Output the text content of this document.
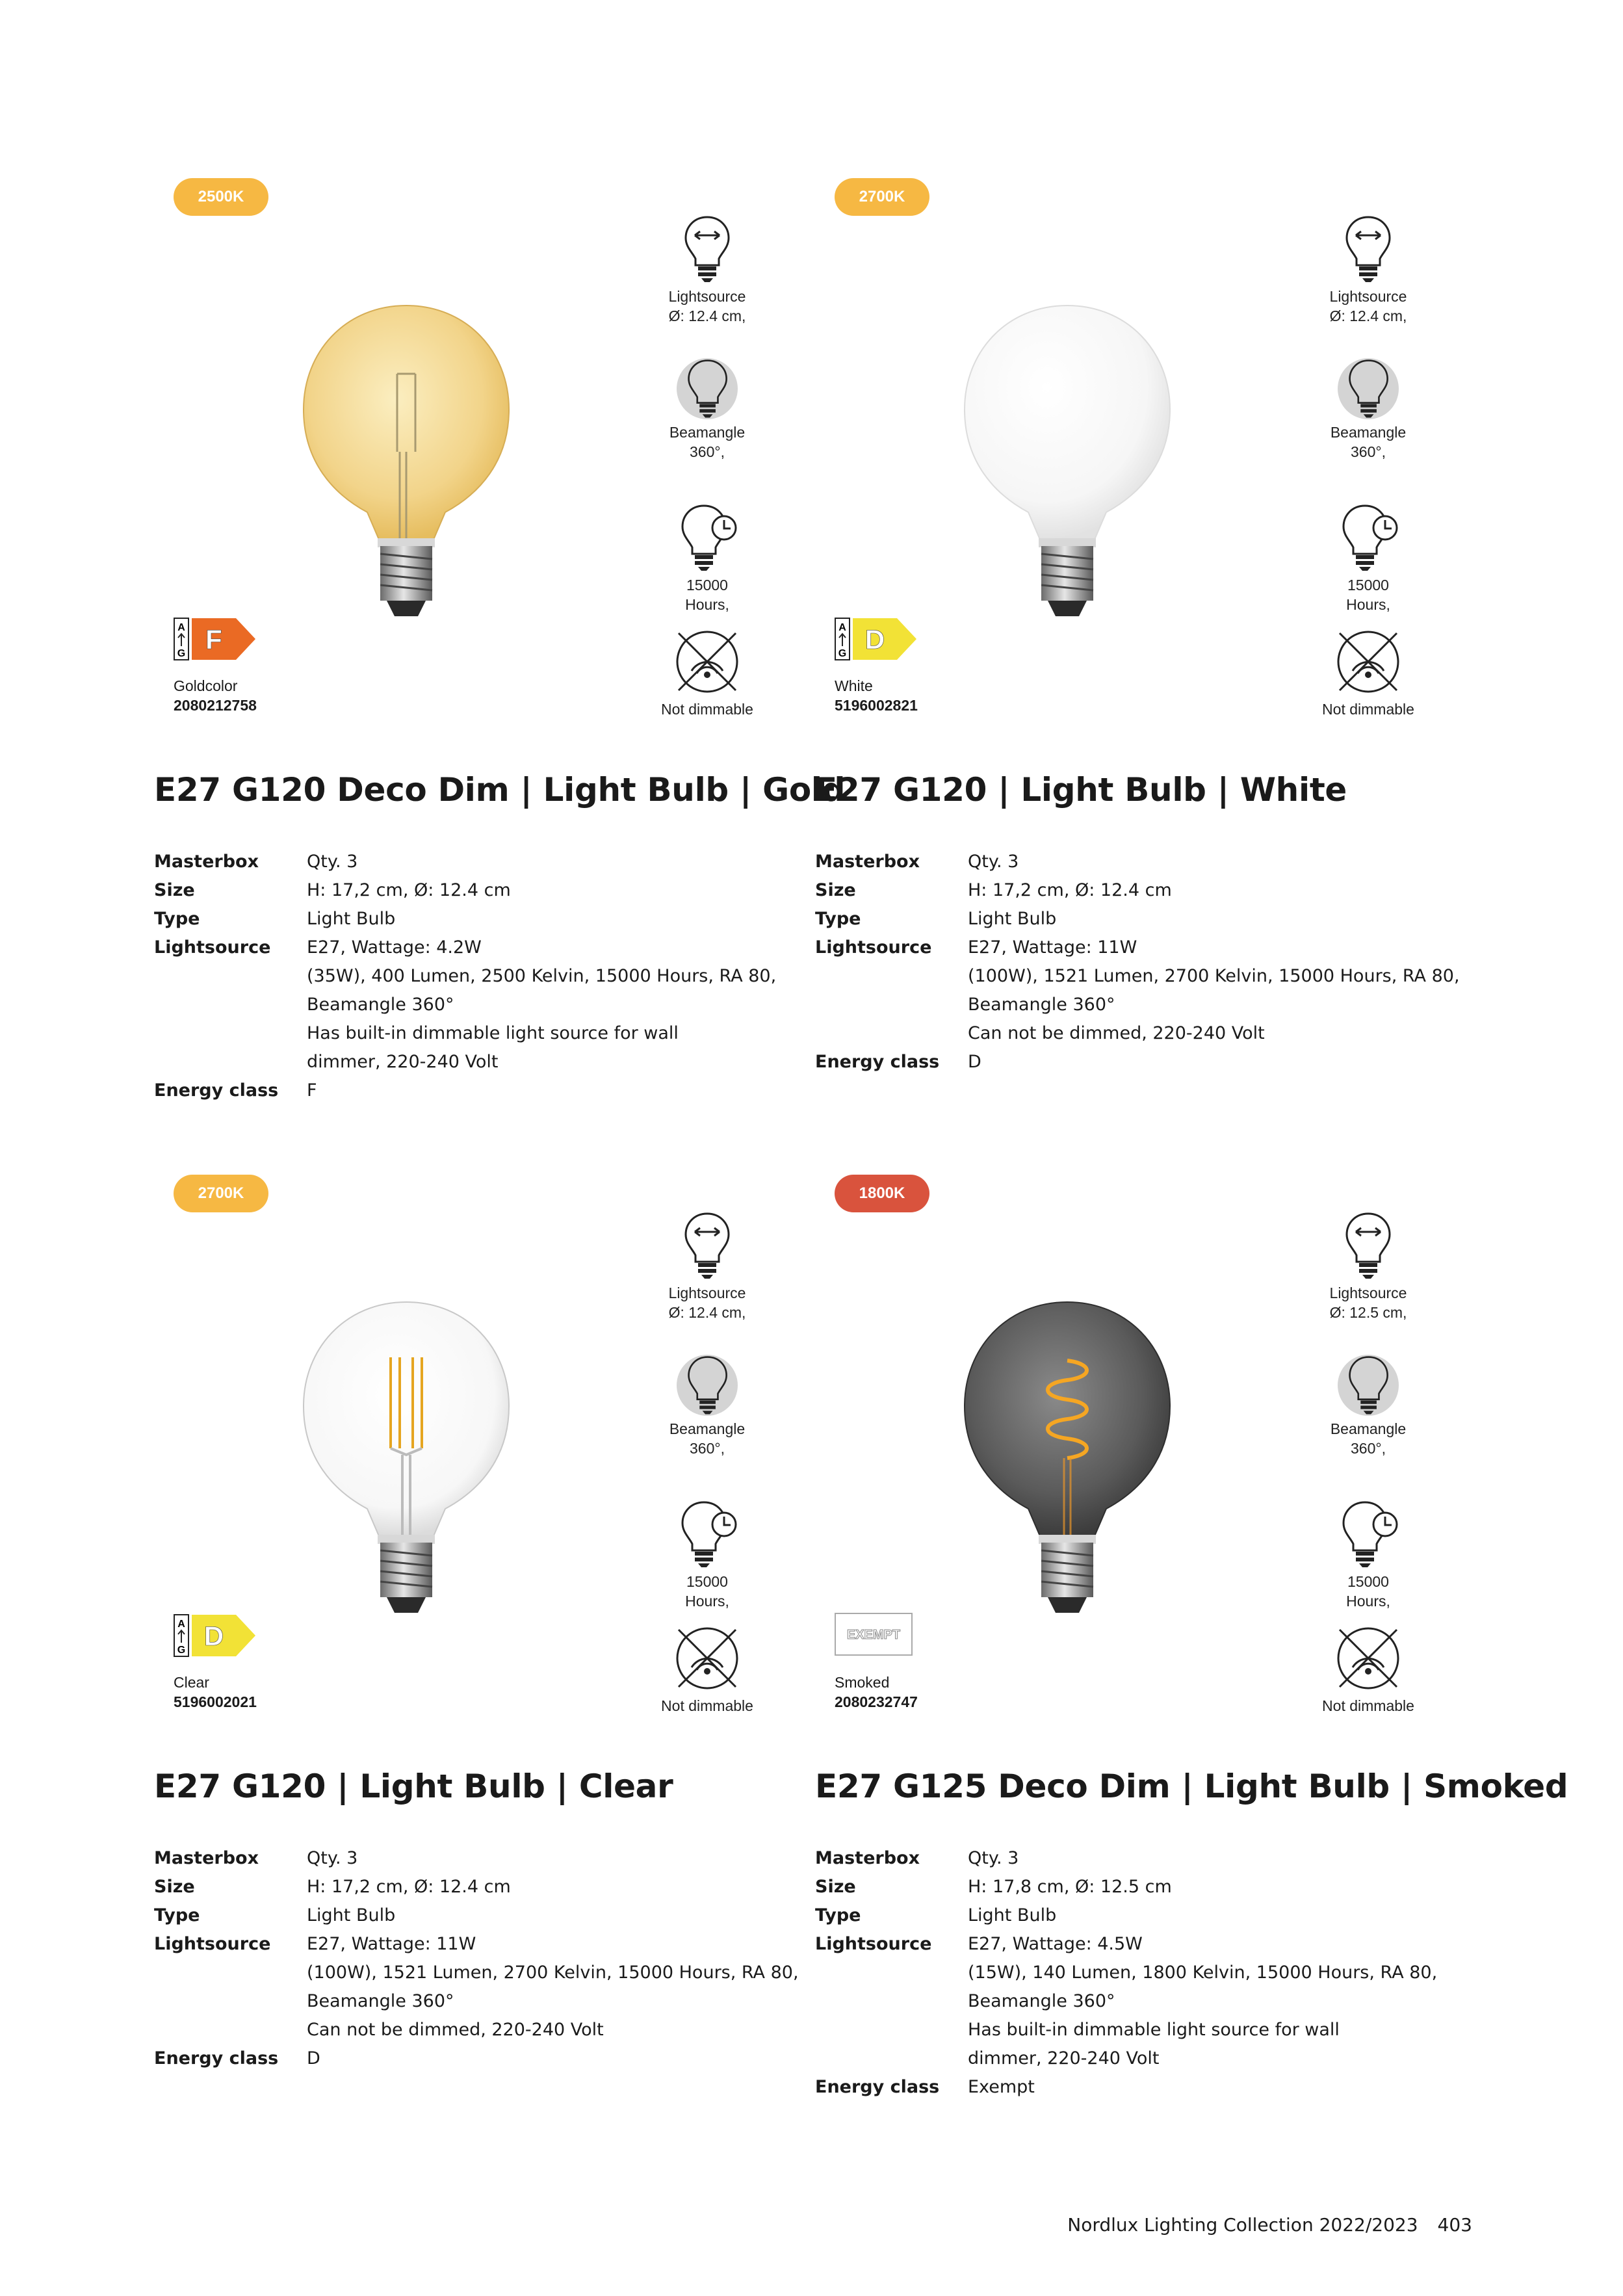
2500K
Lightsource
Ø: 12.4 cm,
Beamangle
360°,
15000
Hours,
Not dimmable
A
G F
Goldcolor
2080212758
E27 G120 Deco Dim | Light Bulb | Gold
Masterbox	Qty. 3
Size	H: 17,2 cm, Ø: 12.4 cm
Type	Light Bulb
Lightsource	E27, Wattage: 4.2W
(35W), 400 Lumen, 2500 Kelvin, 15000 Hours, RA 80,
Beamangle 360°
Has built-in dimmable light source for wall
dimmer, 220-240 Volt
Energy class	F
2700K
Lightsource
Ø: 12.4 cm,
Beamangle
360°,
15000
Hours,
Not dimmable
A
G D
White
5196002821
E27 G120 | Light Bulb | White
Masterbox	Qty. 3
Size	H: 17,2 cm, Ø: 12.4 cm
Type	Light Bulb
Lightsource	E27, Wattage: 11W
(100W), 1521 Lumen, 2700 Kelvin, 15000 Hours, RA 80,
Beamangle 360°
Can not be dimmed, 220-240 Volt
Energy class	D
2700K
Lightsource
Ø: 12.4 cm,
Beamangle
360°,
15000
Hours,
Not dimmable
A
G D
Clear
5196002021
E27 G120 | Light Bulb | Clear
Masterbox	Qty. 3
Size	H: 17,2 cm, Ø: 12.4 cm
Type	Light Bulb
Lightsource	E27, Wattage: 11W
(100W), 1521 Lumen, 2700 Kelvin, 15000 Hours, RA 80,
Beamangle 360°
Can not be dimmed, 220-240 Volt
Energy class	D
1800K
Lightsource
Ø: 12.5 cm,
Beamangle
360°,
15000
Hours,
Not dimmable
EXEMPT
Smoked
2080232747
E27 G125 Deco Dim | Light Bulb | Smoked
Masterbox	Qty. 3
Size	H: 17,8 cm, Ø: 12.5 cm
Type	Light Bulb
Lightsource	E27, Wattage: 4.5W
(15W), 140 Lumen, 1800 Kelvin, 15000 Hours, RA 80,
Beamangle 360°
Has built-in dimmable light source for wall
dimmer, 220-240 Volt
Energy class	Exempt
Nordlux Lighting Collection 2022/2023 403
